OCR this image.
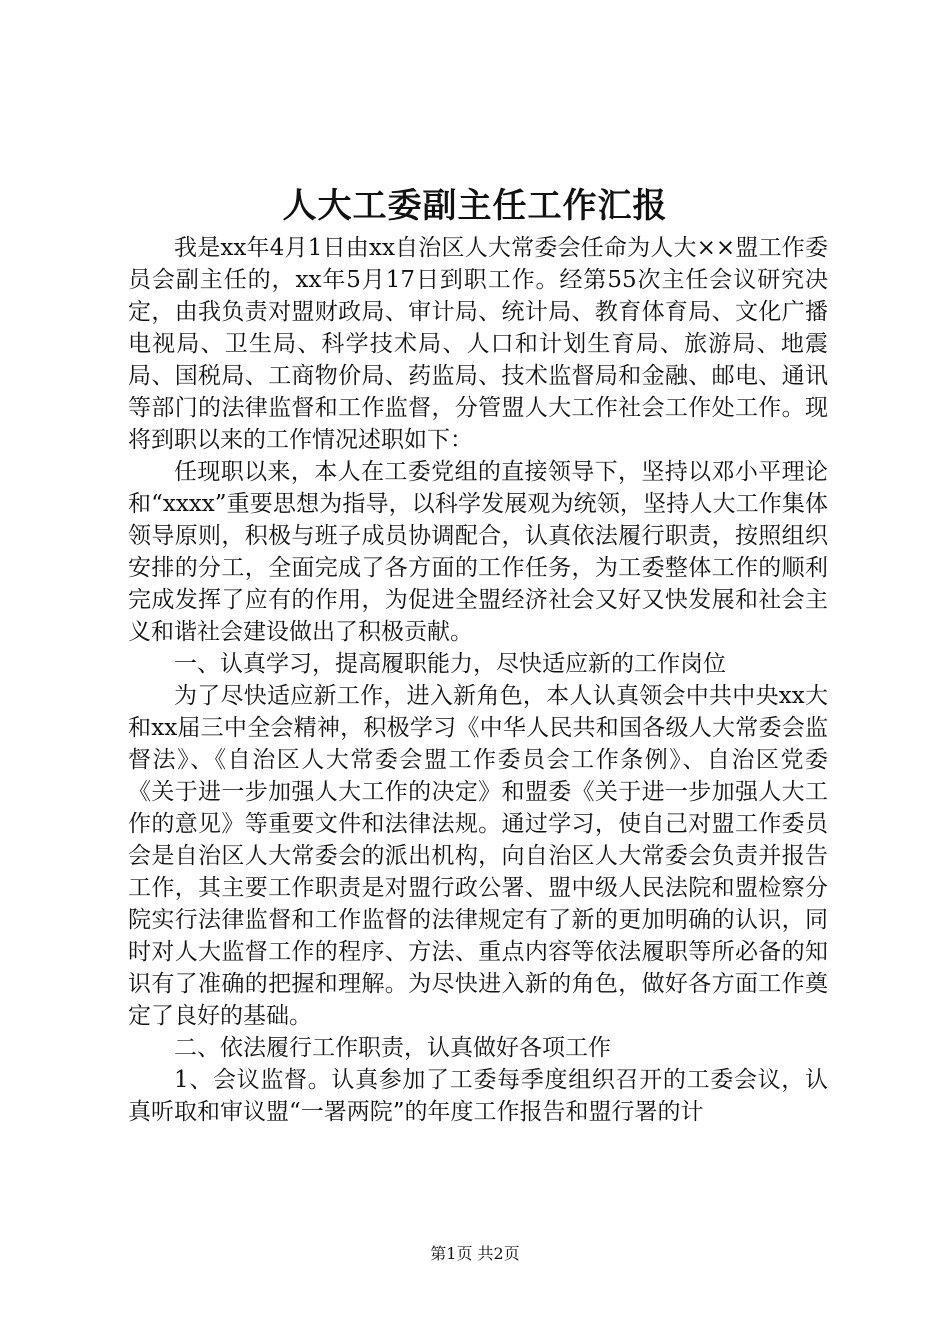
人大工委副主任工作汇报

我是xx年4月1日由xx自治区人大常委会任命为人大××盟工作委员会副主任的，xx年5月17日到职工作。经第55次主任会议研究决定，由我负责对盟财政局、审计局、统计局、教育体育局、文化广播电视局、卫生局、科学技术局、人口和计划生育局、旅游局、地震局、国税局、工商物价局、药监局、技术监督局和金融、邮电、通讯等部门的法律监督和工作监督，分管盟人大工作社会工作处工作。现将到职以来的工作情况述职如下：

任现职以来，本人在工委党组的直接领导下，坚持以邓小平理论和“xxxx”重要思想为指导，以科学发展观为统领，坚持人大工作集体领导原则，积极与班子成员协调配合，认真依法履行职责，按照组织安排的分工，全面完成了各方面的工作任务，为工委整体工作的顺利完成发挥了应有的作用，为促进全盟经济社会又好又快发展和社会主义和谐社会建设做出了积极贡献。

一、认真学习，提高履职能力，尽快适应新的工作岗位

为了尽快适应新工作，进入新角色，本人认真领会中共中央xx大和xx届三中全会精神，积极学习《中华人民共和国各级人大常委会监督法》、《自治区人大常委会盟工作委员会工作条例》、自治区党委《关于进一步加强人大工作的决定》和盟委《关于进一步加强人大工作的意见》等重要文件和法律法规。通过学习，使自己对盟工作委员会是自治区人大常委会的派出机构，向自治区人大常委会负责并报告工作，其主要工作职责是对盟行政公署、盟中级人民法院和盟检察分院实行法律监督和工作监督的法律规定有了新的更加明确的认识，同时对人大监督工作的程序、方法、重点内容等依法履职等所必备的知识有了准确的把握和理解。为尽快进入新的角色，做好各方面工作奠定了良好的基础。

二、依法履行工作职责，认真做好各项工作

1、会议监督。认真参加了工委每季度组织召开的工委会议，认真听取和审议盟“一署两院”的年度工作报告和盟行署的计

第1页 共2页
